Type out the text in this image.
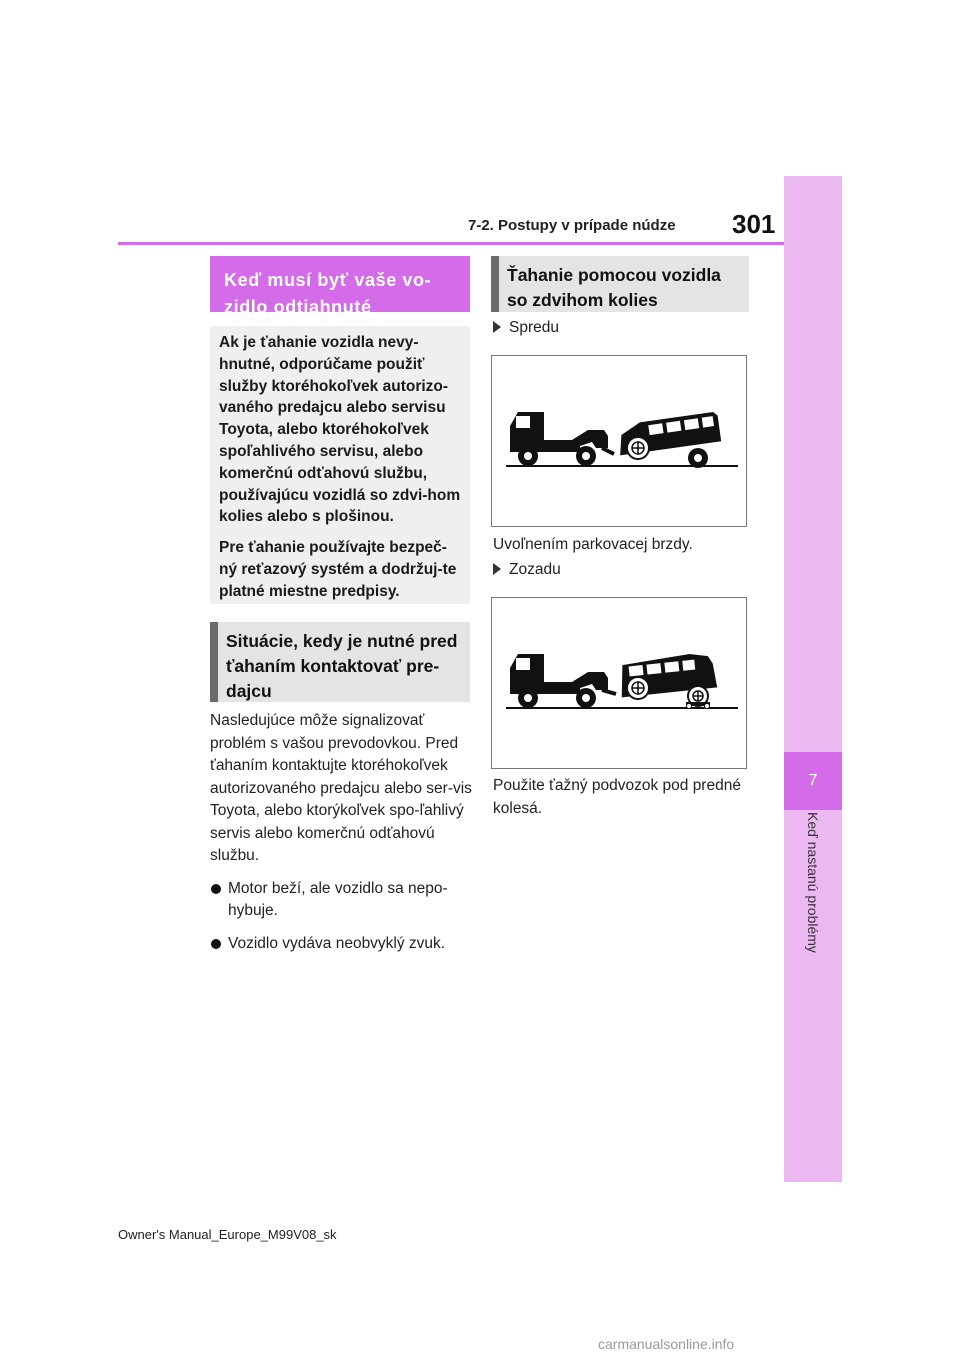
7
Keď nastanú problémy
7-2. Postupy v prípade núdze	301
Keď musí byť vaše vo-zidlo odtiahnuté

Ak je ťahanie vozidla nevy-hnutné, odporúčame použiť služby ktoréhokoľvek autorizo-vaného predajcu alebo servisu Toyota, alebo ktoréhokoľvek spoľahlivého servisu, alebo komerčnú odťahovú službu, používajúcu vozidlá so zdvi-hom kolies alebo s plošinou.

Pre ťahanie používajte bezpeč-ný reťazový systém a dodržuj-te platné miestne predpisy.

Situácie, kedy je nutné pred ťahaním kontaktovať pre-dajcu

Nasledujúce môže signalizovať problém s vašou prevodovkou. Pred ťahaním kontaktujte ktoréhokoľvek autorizovaného predajcu alebo ser-vis Toyota, alebo ktorýkoľvek spo-ľahlivý servis alebo komerčnú odťahovú službu.

Motor beží, ale vozidlo sa nepo-hybuje.
Vozidlo vydáva neobvyklý zvuk.
Ťahanie pomocou vozidla so zdvihom kolies
Spredu
Uvoľnením parkovacej brzdy.
Zozadu
Použite ťažný podvozok pod predné kolesá.
Owner's Manual_Europe_M99V08_sk
carmanualsonline.info
